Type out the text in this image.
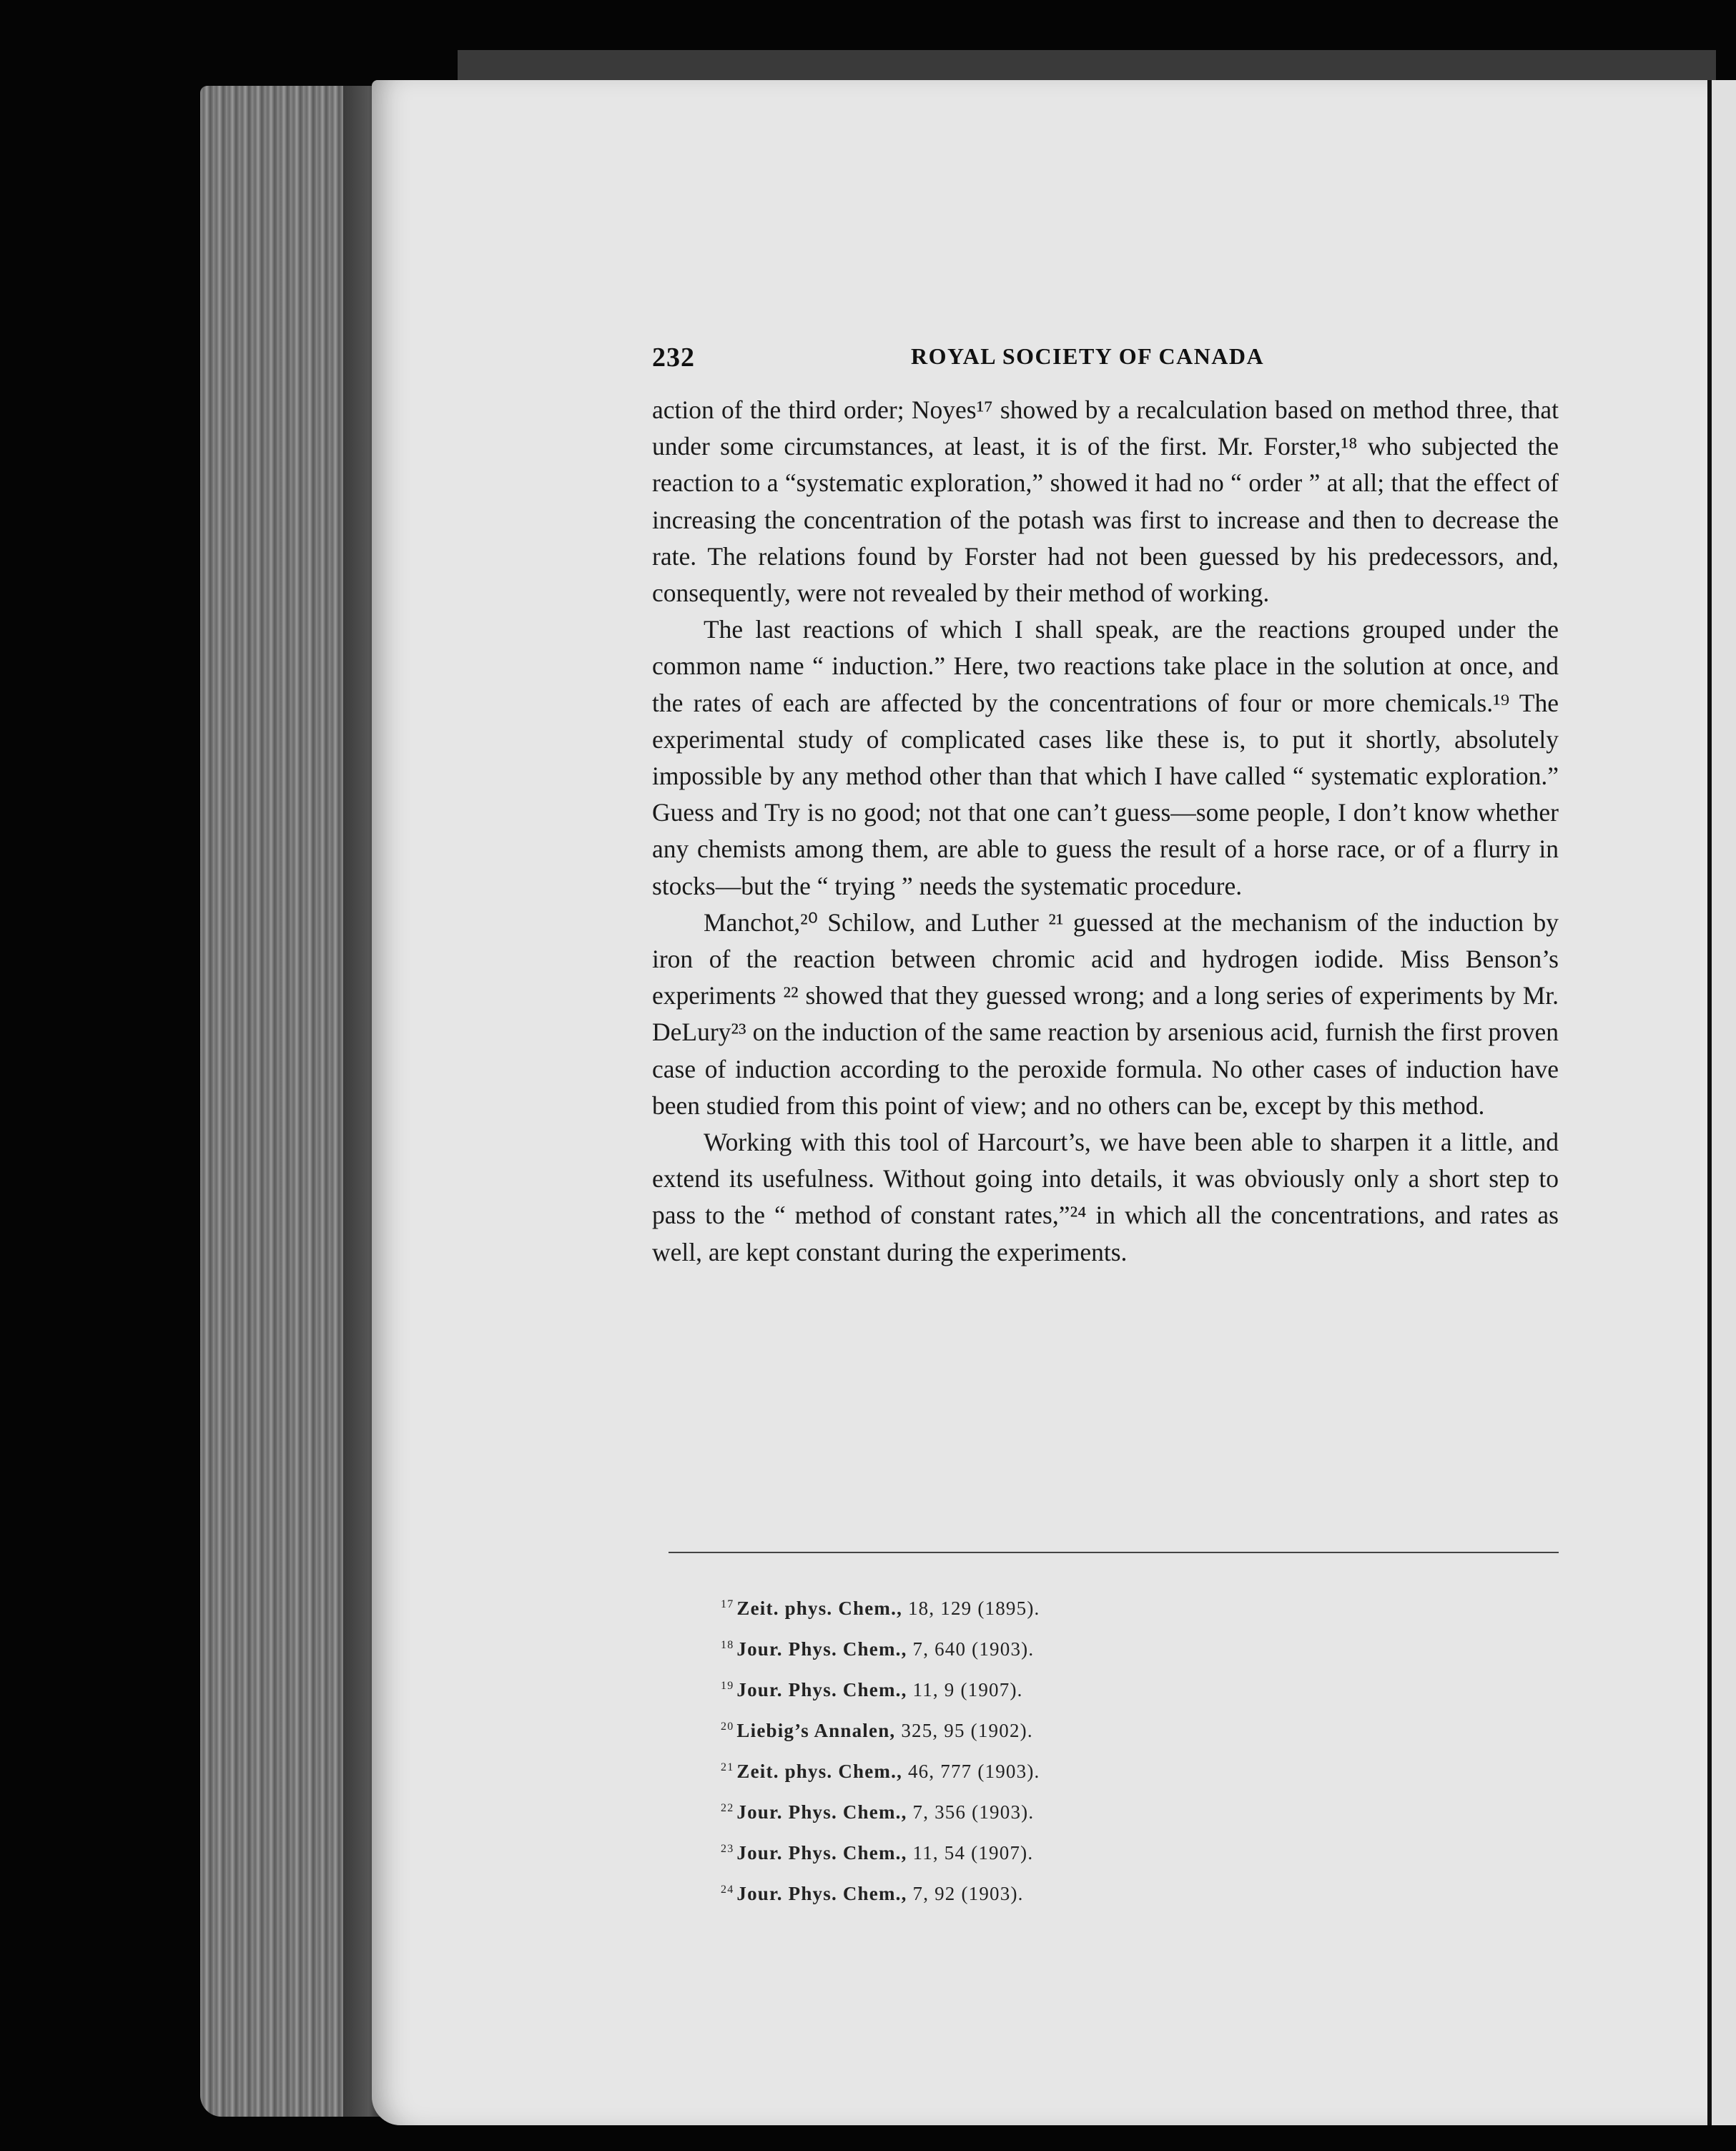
232	ROYAL SOCIETY OF CANADA

action of the third order; Noyes¹⁷ showed by a recalculation based on method three, that under some circumstances, at least, it is of the first. Mr. Forster,¹⁸ who subjected the reaction to a “systematic exploration,” showed it had no “ order ” at all; that the effect of increasing the concentration of the potash was first to increase and then to decrease the rate. The relations found by Forster had not been guessed by his predecessors, and, consequently, were not revealed by their method of working.

The last reactions of which I shall speak, are the reactions grouped under the common name “ induction.” Here, two reactions take place in the solution at once, and the rates of each are affected by the concentrations of four or more chemicals.¹⁹ The experimental study of complicated cases like these is, to put it shortly, absolutely impossible by any method other than that which I have called “ systematic exploration.” Guess and Try is no good; not that one can’t guess—some people, I don’t know whether any chemists among them, are able to guess the result of a horse race, or of a flurry in stocks—but the “ trying ” needs the systematic procedure.

Manchot,²⁰ Schilow, and Luther ²¹ guessed at the mechanism of the induction by iron of the reaction between chromic acid and hydrogen iodide. Miss Benson’s experiments ²² showed that they guessed wrong; and a long series of experiments by Mr. DeLury²³ on the induction of the same reaction by arsenious acid, furnish the first proven case of induction according to the peroxide formula. No other cases of induction have been studied from this point of view; and no others can be, except by this method.

Working with this tool of Harcourt’s, we have been able to sharpen it a little, and extend its usefulness. Without going into details, it was obviously only a short step to pass to the “ method of constant rates,”²⁴ in which all the concentrations, and rates as well, are kept constant during the experiments.

$^{17}$ Zeit. phys. Chem., 18, 129 (1895).
$^{18}$ Jour. Phys. Chem., 7, 640 (1903).
$^{19}$ Jour. Phys. Chem., 11, 9 (1907).
$^{20}$ Liebig’s Annalen, 325, 95 (1902).
$^{21}$ Zeit. phys. Chem., 46, 777 (1903).
$^{22}$ Jour. Phys. Chem., 7, 356 (1903).
$^{23}$ Jour. Phys. Chem., 11, 54 (1907).
$^{24}$ Jour. Phys. Chem., 7, 92 (1903).
